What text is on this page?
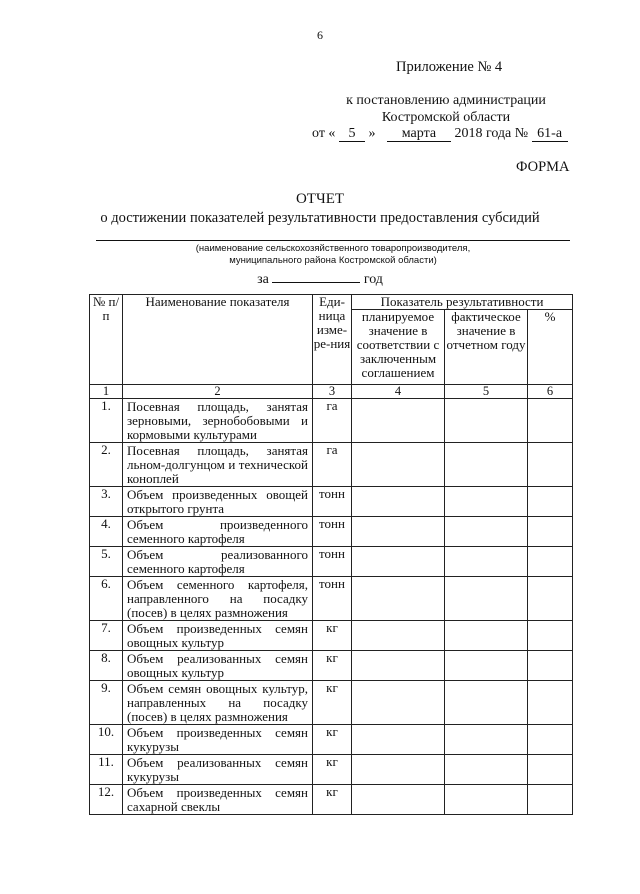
6
Приложение № 4
к постановлению администрации
Костромской области
от « 5 » марта 2018 года № 61-а
ФОРМА
ОТЧЕТ
о достижении показателей результативности предоставления субсидий
(наименование сельскохозяйственного товаропроизводителя,
муниципального района Костромской области)
за	год
№ п/п	Наименование показателя	Еди-ница изме-ре-ния	Показатель результативности		
			планируемое значение в соответствии с заключенным соглашением	фактическое значение в отчетном году	%
1	2	3	4	5	6
1.	Посевная площадь, занятая зерновыми, зернобобовыми и кормовыми культурами	га			
2.	Посевная площадь, занятая льном-долгунцом и технической коноплей	га			
3.	Объем произведенных овощей открытого грунта	тонн			
4.	Объем произведенного семенного картофеля	тонн			
5.	Объем реализованного семенного картофеля	тонн			
6.	Объем семенного картофеля, направленного на посадку (посев) в целях размножения	тонн			
7.	Объем произведенных семян овощных культур	кг			
8.	Объем реализованных семян овощных культур	кг			
9.	Объем семян овощных культур, направленных на посадку (посев) в целях размножения	кг			
10.	Объем произведенных семян кукурузы	кг			
11.	Объем реализованных семян кукурузы	кг			
12.	Объем произведенных семян сахарной свеклы	кг			
